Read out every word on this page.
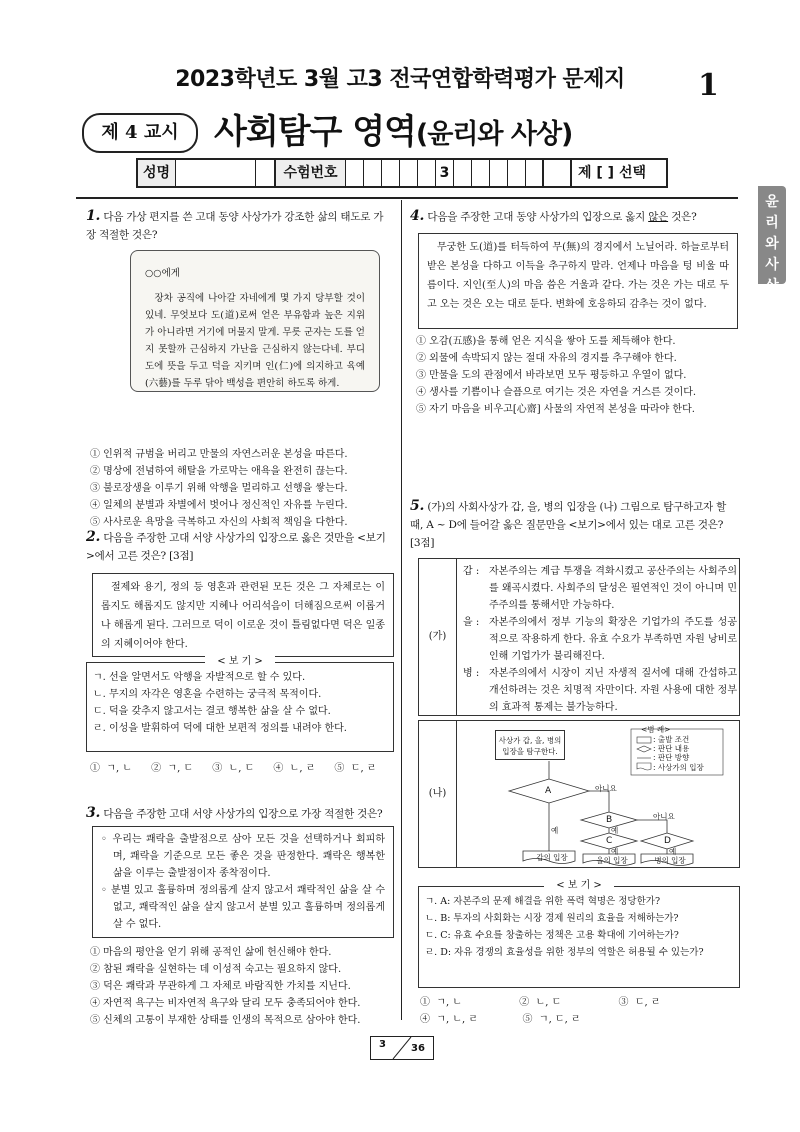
2023학년도 3월 고3 전국연합학력평가 문제지	1
제 4 교시	사회탐구 영역(윤리와 사상)
성명	수험번호	3	제 [ ] 선택
윤리와 사상
1. 다음 가상 편지를 쓴 고대 동양 사상가가 강조한 삶의 태도로 가장 적절한 것은?
○○에게
장차 공직에 나아갈 자네에게 몇 가지 당부할 것이 있네. 무엇보다 도(道)로써 얻은 부유함과 높은 지위가 아니라면 거기에 머물지 말게. 무릇 군자는 도를 얻지 못할까 근심하지 가난을 근심하지 않는다네. 부디 도에 뜻을 두고 덕을 지키며 인(仁)에 의지하고 육예(六藝)를 두루 닦아 백성을 편안히 하도록 하게.
① 인위적 규범을 버리고 만물의 자연스러운 본성을 따른다.
② 명상에 전념하여 해탈을 가로막는 애욕을 완전히 끊는다.
③ 불로장생을 이루기 위해 악행을 멀리하고 선행을 쌓는다.
④ 일체의 분별과 차별에서 벗어나 정신적인 자유를 누린다.
⑤ 사사로운 욕망을 극복하고 자신의 사회적 책임을 다한다.
2. 다음을 주장한 고대 서양 사상가의 입장으로 옳은 것만을 <보기>에서 고른 것은? [3점]
절제와 용기, 정의 등 영혼과 관련된 모든 것은 그 자체로는 이롭지도 해롭지도 않지만 지혜나 어리석음이 더해짐으로써 이롭거나 해롭게 된다. 그러므로 덕이 이로운 것이 틀림없다면 덕은 일종의 지혜이어야 한다.
< 보 기 >
ㄱ. 선을 알면서도 악행을 자발적으로 할 수 있다.
ㄴ. 무지의 자각은 영혼을 수련하는 궁극적 목적이다.
ㄷ. 덕을 갖추지 않고서는 결코 행복한 삶을 살 수 없다.
ㄹ. 이성을 발휘하여 덕에 대한 보편적 정의를 내려야 한다.
①  ㄱ, ㄴ      ②  ㄱ, ㄷ      ③  ㄴ, ㄷ      ④  ㄴ, ㄹ      ⑤  ㄷ, ㄹ
3. 다음을 주장한 고대 서양 사상가의 입장으로 가장 적절한 것은?
◦ 우리는 쾌락을 출발점으로 삼아 모든 것을 선택하거나 회피하며, 쾌락을 기준으로 모든 좋은 것을 판정한다. 쾌락은 행복한 삶을 이루는 출발점이자 종착점이다.
◦ 분별 있고 훌륭하며 정의롭게 살지 않고서 쾌락적인 삶을 살 수 없고, 쾌락적인 삶을 살지 않고서 분별 있고 훌륭하며 정의롭게 살 수 없다.
① 마음의 평안을 얻기 위해 공적인 삶에 헌신해야 한다.
② 참된 쾌락을 실현하는 데 이성적 숙고는 필요하지 않다.
③ 덕은 쾌락과 무관하게 그 자체로 바람직한 가치를 지닌다.
④ 자연적 욕구는 비자연적 욕구와 달리 모두 충족되어야 한다.
⑤ 신체의 고통이 부재한 상태를 인생의 목적으로 삼아야 한다.
4. 다음을 주장한 고대 동양 사상가의 입장으로 옳지 않은 것은?
무궁한 도(道)를 터득하여 무(無)의 경지에서 노닐어라. 하늘로부터 받은 본성을 다하고 이득을 추구하지 말라. 언제나 마음을 텅 비울 따름이다. 지인(至人)의 마음 씀은 거울과 같다. 가는 것은 가는 대로 두고 오는 것은 오는 대로 둔다. 변화에 호응하되 감추는 것이 없다.
① 오감(五感)을 통해 얻은 지식을 쌓아 도를 체득해야 한다.
② 외물에 속박되지 않는 절대 자유의 경지를 추구해야 한다.
③ 만물을 도의 관점에서 바라보면 모두 평등하고 우열이 없다.
④ 생사를 기쁨이나 슬픔으로 여기는 것은 자연을 거스른 것이다.
⑤ 자기 마음을 비우고[心齋] 사물의 자연적 본성을 따라야 한다.
5. (가)의 사회사상가 갑, 을, 병의 입장을 (나) 그림으로 탐구하고자 할 때, A ~ D에 들어갈 옳은 질문만을 <보기>에서 있는 대로 고른 것은? [3점]
(가)
갑 : 자본주의는 계급 투쟁을 격화시켰고 공산주의는 사회주의를 왜곡시켰다. 사회주의 달성은 필연적인 것이 아니며 민주주의를 통해서만 가능하다.
을 : 자본주의에서 정부 기능의 확장은 기업가의 주도를 성공적으로 작용하게 한다. 유효 수요가 부족하면 자원 낭비로 인해 기업가가 불리해진다.
병 : 자본주의에서 시장이 지닌 자생적 질서에 대해 간섭하고 개선하려는 것은 치명적 자만이다. 자원 사용에 대한 정부의 효과적 통제는 불가능하다.
(나)
사상가 갑, 을, 병의 입장을 탐구한다.
<범 례>
: 출발 조건
: 판단 내용
: 판단 방향
: 사상가의 입장
A
B
C	D
아니요
아니요
예	예
예	예
갑의 입장	을의 입장	병의 입장
< 보 기 >
ㄱ. A: 자본주의 문제 해결을 위한 폭력 혁명은 정당한가?
ㄴ. B: 투자의 사회화는 시장 경제 원리의 효율을 저해하는가?
ㄷ. C: 유효 수요를 창출하는 정책은 고용 확대에 기여하는가?
ㄹ. D: 자유 경쟁의 효율성을 위한 정부의 역할은 허용될 수 있는가?
①  ㄱ, ㄴ                  ②  ㄴ, ㄷ                  ③  ㄷ, ㄹ
④  ㄱ, ㄴ, ㄹ              ⑤  ㄱ, ㄷ, ㄹ
3	36
